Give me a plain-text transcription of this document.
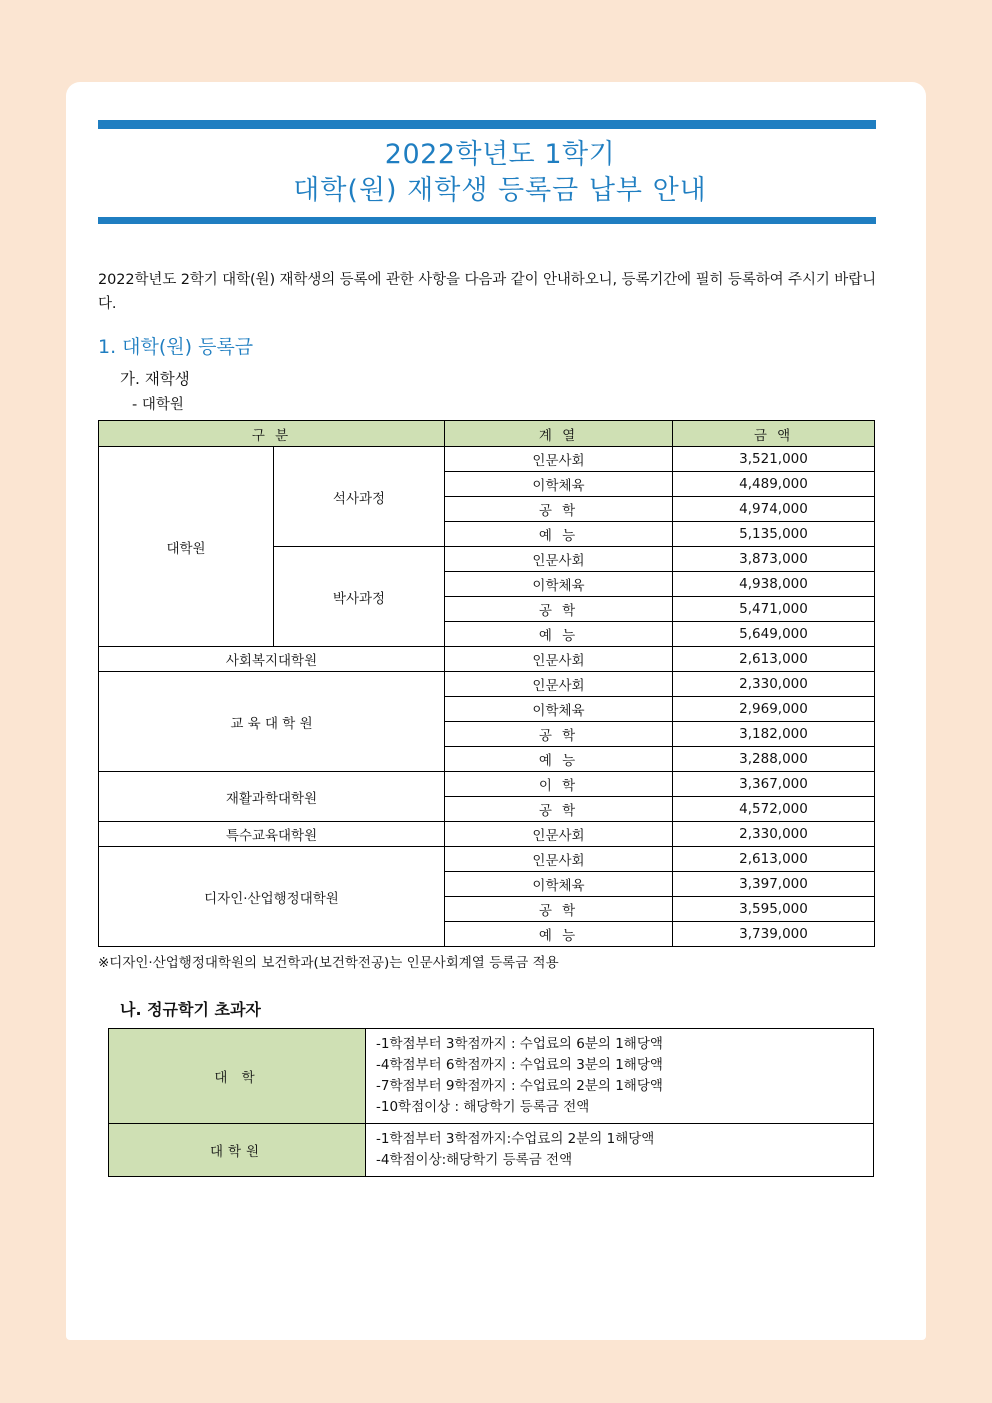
2022학년도 1학기
대학(원) 재학생 등록금 납부 안내

2022학년도 2학기 대학(원) 재학생의 등록에 관한 사항을 다음과 같이 안내하오니, 등록기간에 필히 등록하여 주시기 바랍니다.

1. 대학(원) 등록금
가. 재학생
- 대학원
구 분		계 열	금 액
대학원	석사과정	인문사회	3,521,000
		이학체육	4,489,000
		공 학	4,974,000
		예 능	5,135,000
	박사과정	인문사회	3,873,000
		이학체육	4,938,000
		공 학	5,471,000
		예 능	5,649,000
사회복지대학원		인문사회	2,613,000
교 육 대 학 원		인문사회	2,330,000
		이학체육	2,969,000
		공 학	3,182,000
		예 능	3,288,000
재활과학대학원		이 학	3,367,000
		공 학	4,572,000
특수교육대학원		인문사회	2,330,000
디자인·산업행정대학원		인문사회	2,613,000
		이학체육	3,397,000
		공 학	3,595,000
		예 능	3,739,000
※디자인·산업행정대학원의 보건학과(보건학전공)는 인문사회계열 등록금 적용
나. 정규학기 초과자
대 학	-1학점부터 3학점까지 : 수업료의 6분의 1해당액
-4학점부터 6학점까지 : 수업료의 3분의 1해당액
-7학점부터 9학점까지 : 수업료의 2분의 1해당액
-10학점이상 : 해당학기 등록금 전액

대학원	-1학점부터 3학점까지:수업료의 2분의 1해당액
-4학점이상:해당학기 등록금 전액
